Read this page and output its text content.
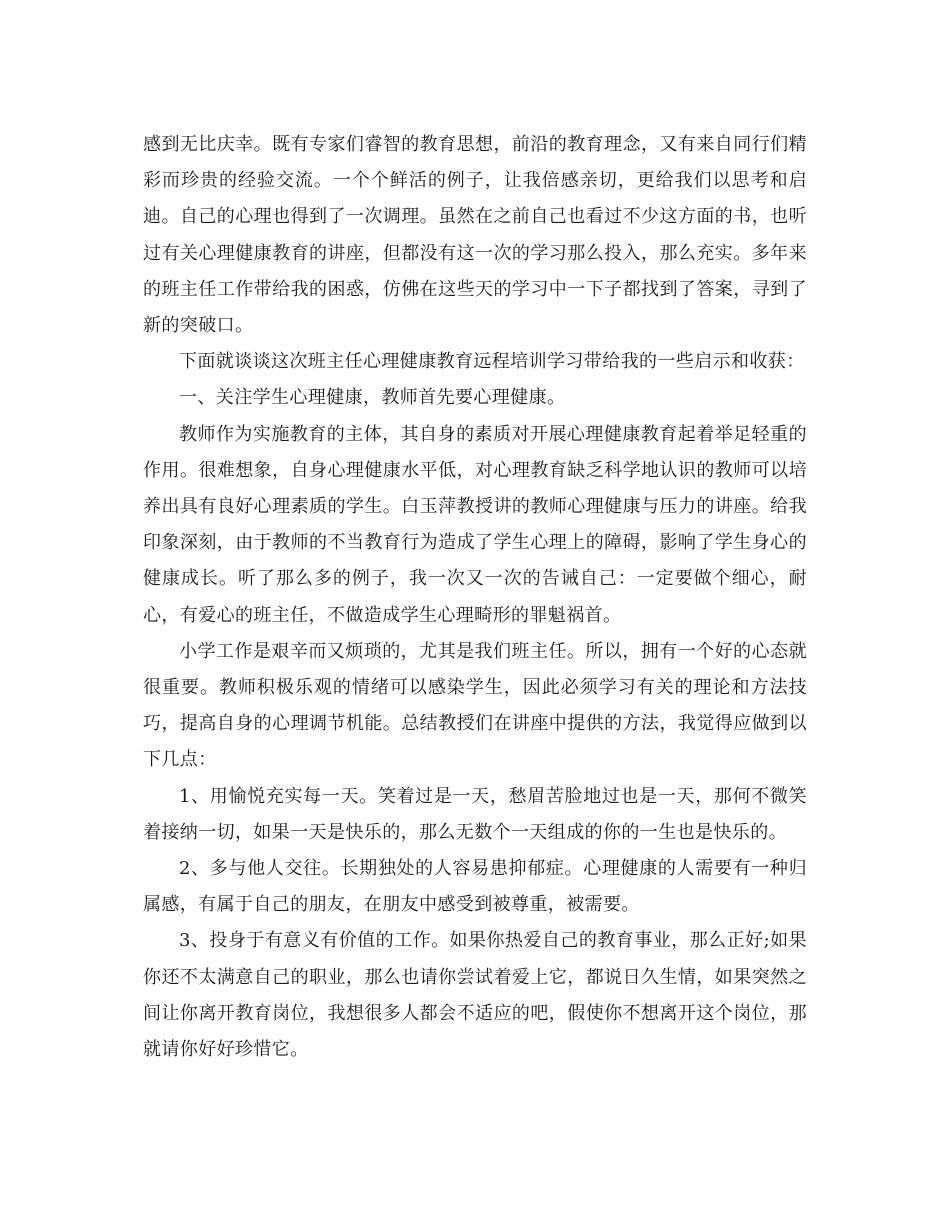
感到无比庆幸。既有专家们睿智的教育思想，前沿的教育理念，又有来自同行们精彩而珍贵的经验交流。一个个鲜活的例子，让我倍感亲切，更给我们以思考和启迪。自己的心理也得到了一次调理。虽然在之前自己也看过不少这方面的书，也听过有关心理健康教育的讲座，但都没有这一次的学习那么投入，那么充实。多年来的班主任工作带给我的困惑，仿佛在这些天的学习中一下子都找到了答案，寻到了新的突破口。

下面就谈谈这次班主任心理健康教育远程培训学习带给我的一些启示和收获：

一、关注学生心理健康，教师首先要心理健康。

教师作为实施教育的主体，其自身的素质对开展心理健康教育起着举足轻重的作用。很难想象，自身心理健康水平低，对心理教育缺乏科学地认识的教师可以培养出具有良好心理素质的学生。白玉萍教授讲的教师心理健康与压力的讲座。给我印象深刻，由于教师的不当教育行为造成了学生心理上的障碍，影响了学生身心的健康成长。听了那么多的例子，我一次又一次的告诫自己：一定要做个细心，耐心，有爱心的班主任，不做造成学生心理畸形的罪魁祸首。

小学工作是艰辛而又烦琐的，尤其是我们班主任。所以，拥有一个好的心态就很重要。教师积极乐观的情绪可以感染学生，因此必须学习有关的理论和方法技巧，提高自身的心理调节机能。总结教授们在讲座中提供的方法，我觉得应做到以下几点：

1、用愉悦充实每一天。笑着过是一天，愁眉苦脸地过也是一天，那何不微笑着接纳一切，如果一天是快乐的，那么无数个一天组成的你的一生也是快乐的。

2、多与他人交往。长期独处的人容易患抑郁症。心理健康的人需要有一种归属感，有属于自己的朋友，在朋友中感受到被尊重，被需要。

3、投身于有意义有价值的工作。如果你热爱自己的教育事业，那么正好;如果你还不太满意自己的职业，那么也请你尝试着爱上它，都说日久生情，如果突然之间让你离开教育岗位，我想很多人都会不适应的吧，假使你不想离开这个岗位，那就请你好好珍惜它。
